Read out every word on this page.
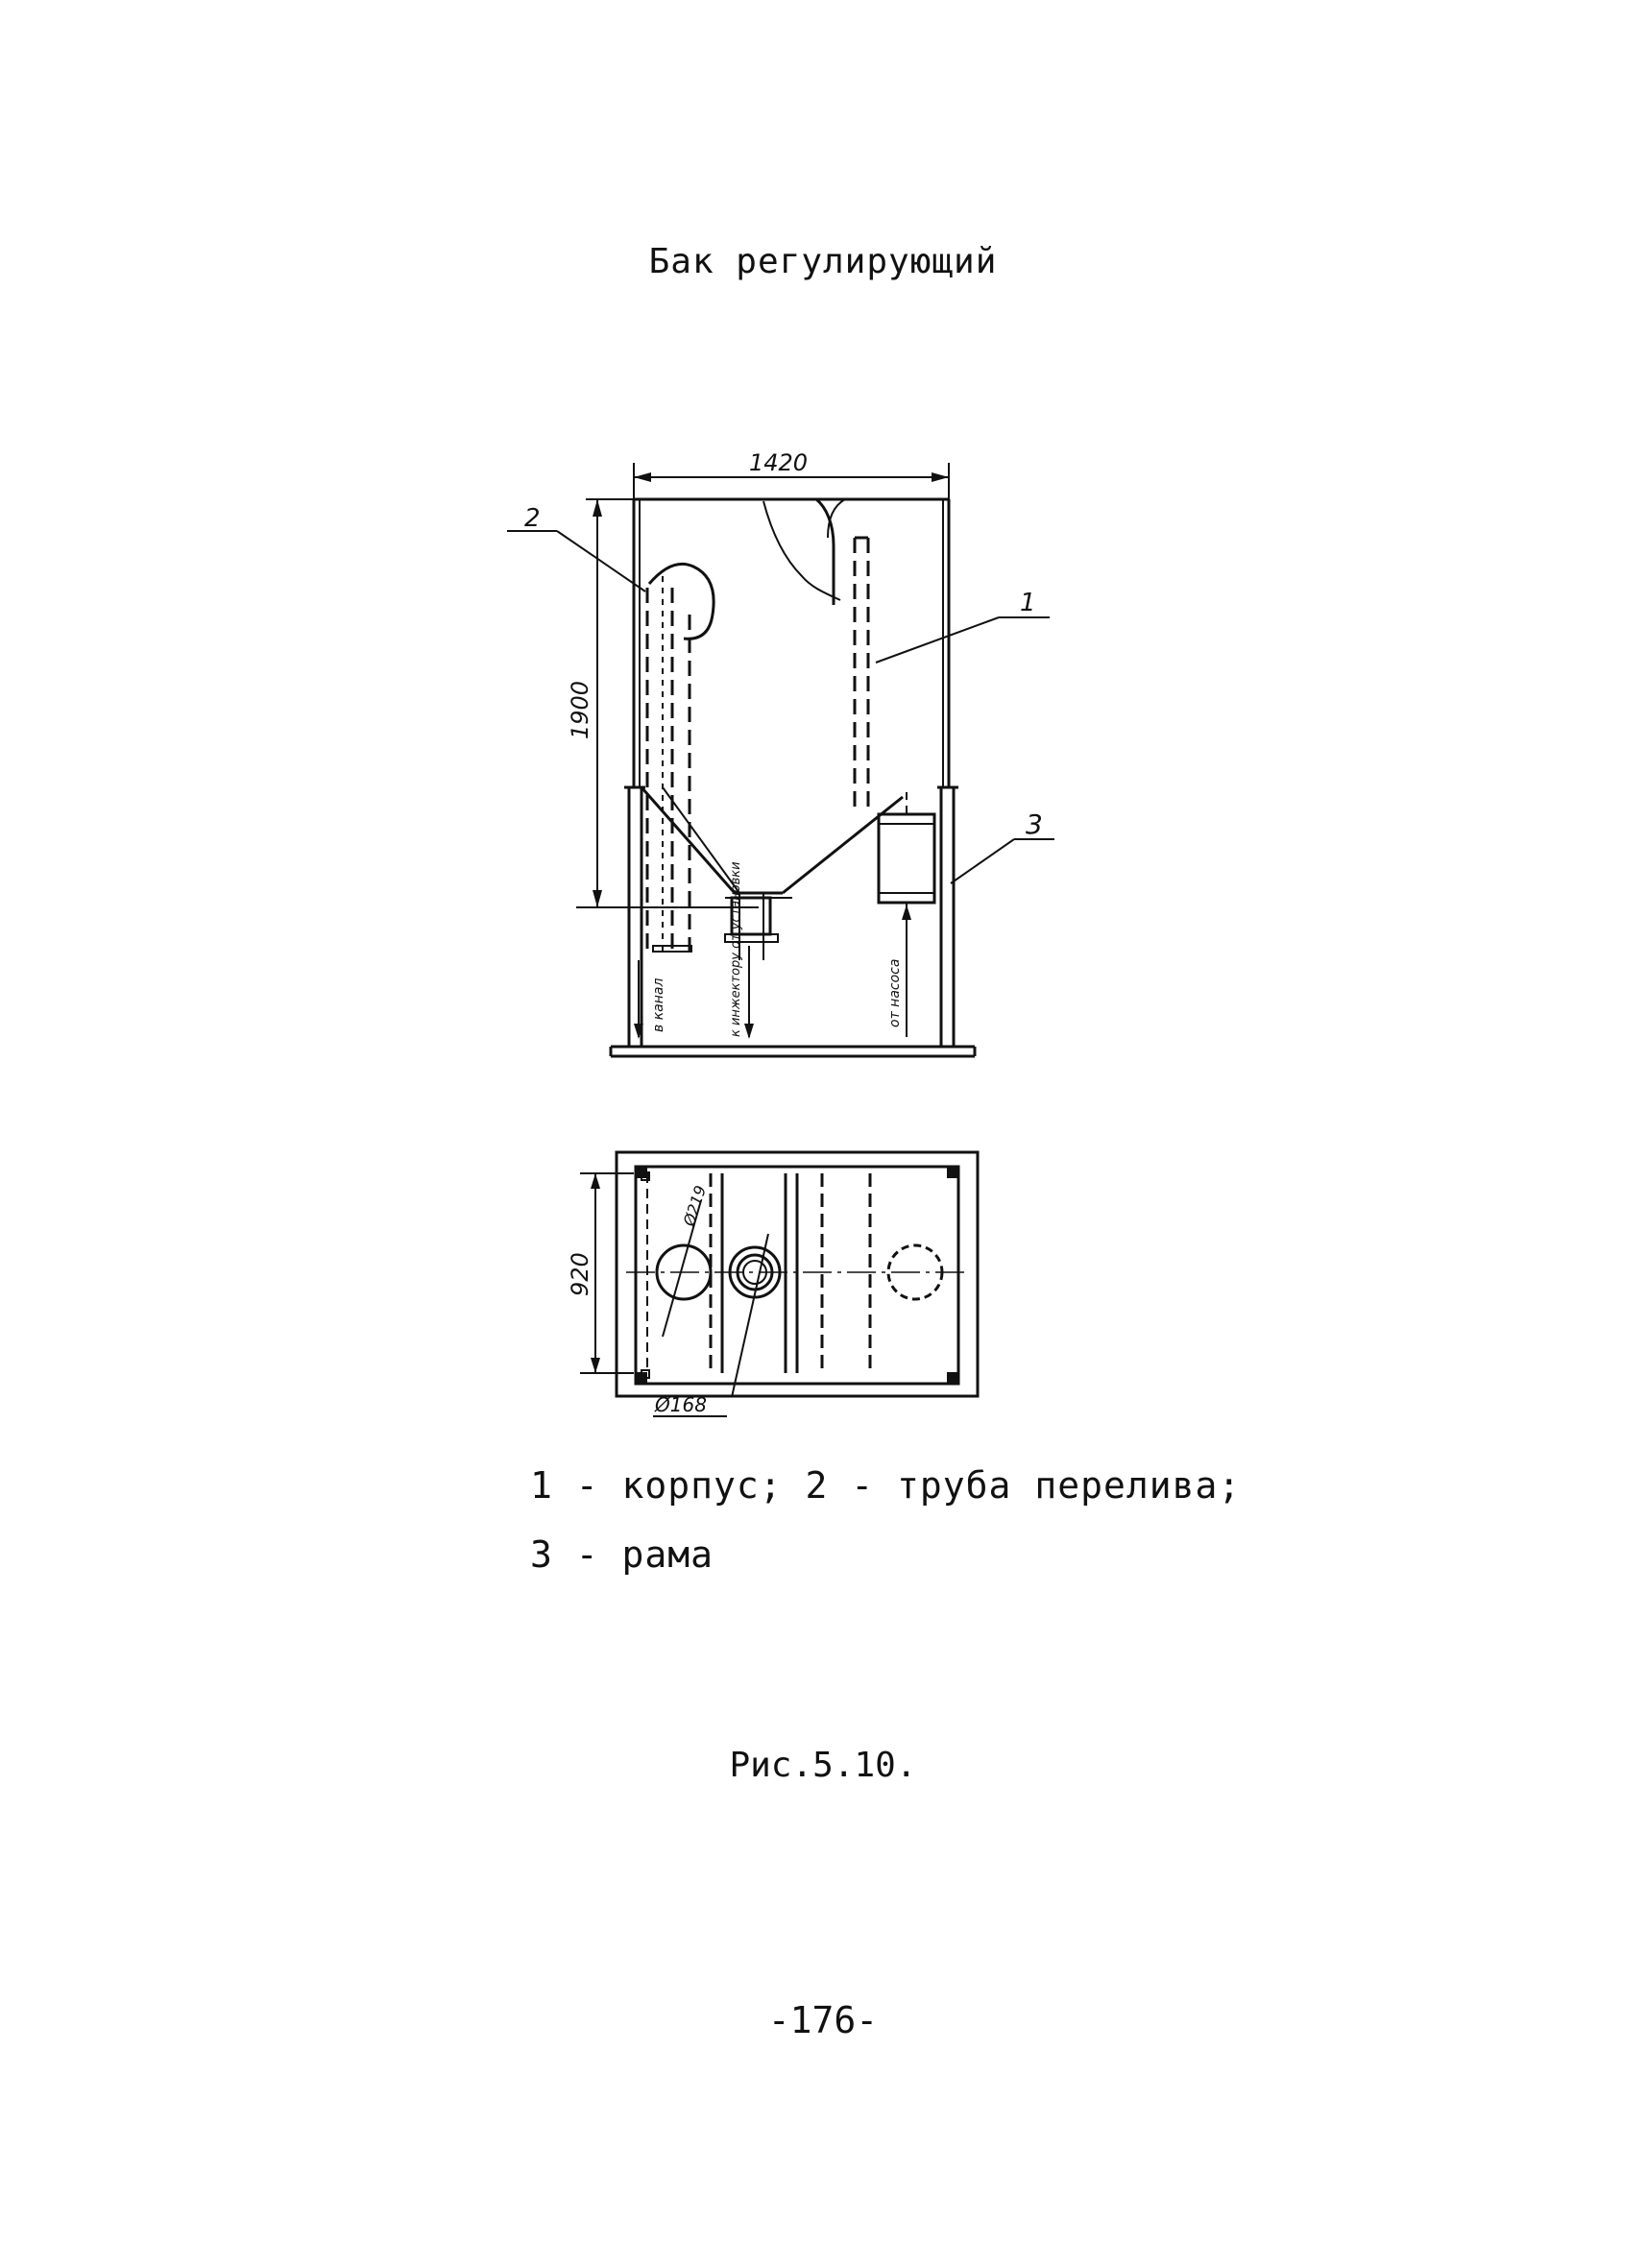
Бак регулирующий
1420
1900
в канал	к инжектору от установки	от насоса
2
1
3
920
Ø219
Ø168
1 - корпус; 2 - труба перелива;
3 - рама
Рис.5.10.
-176-
